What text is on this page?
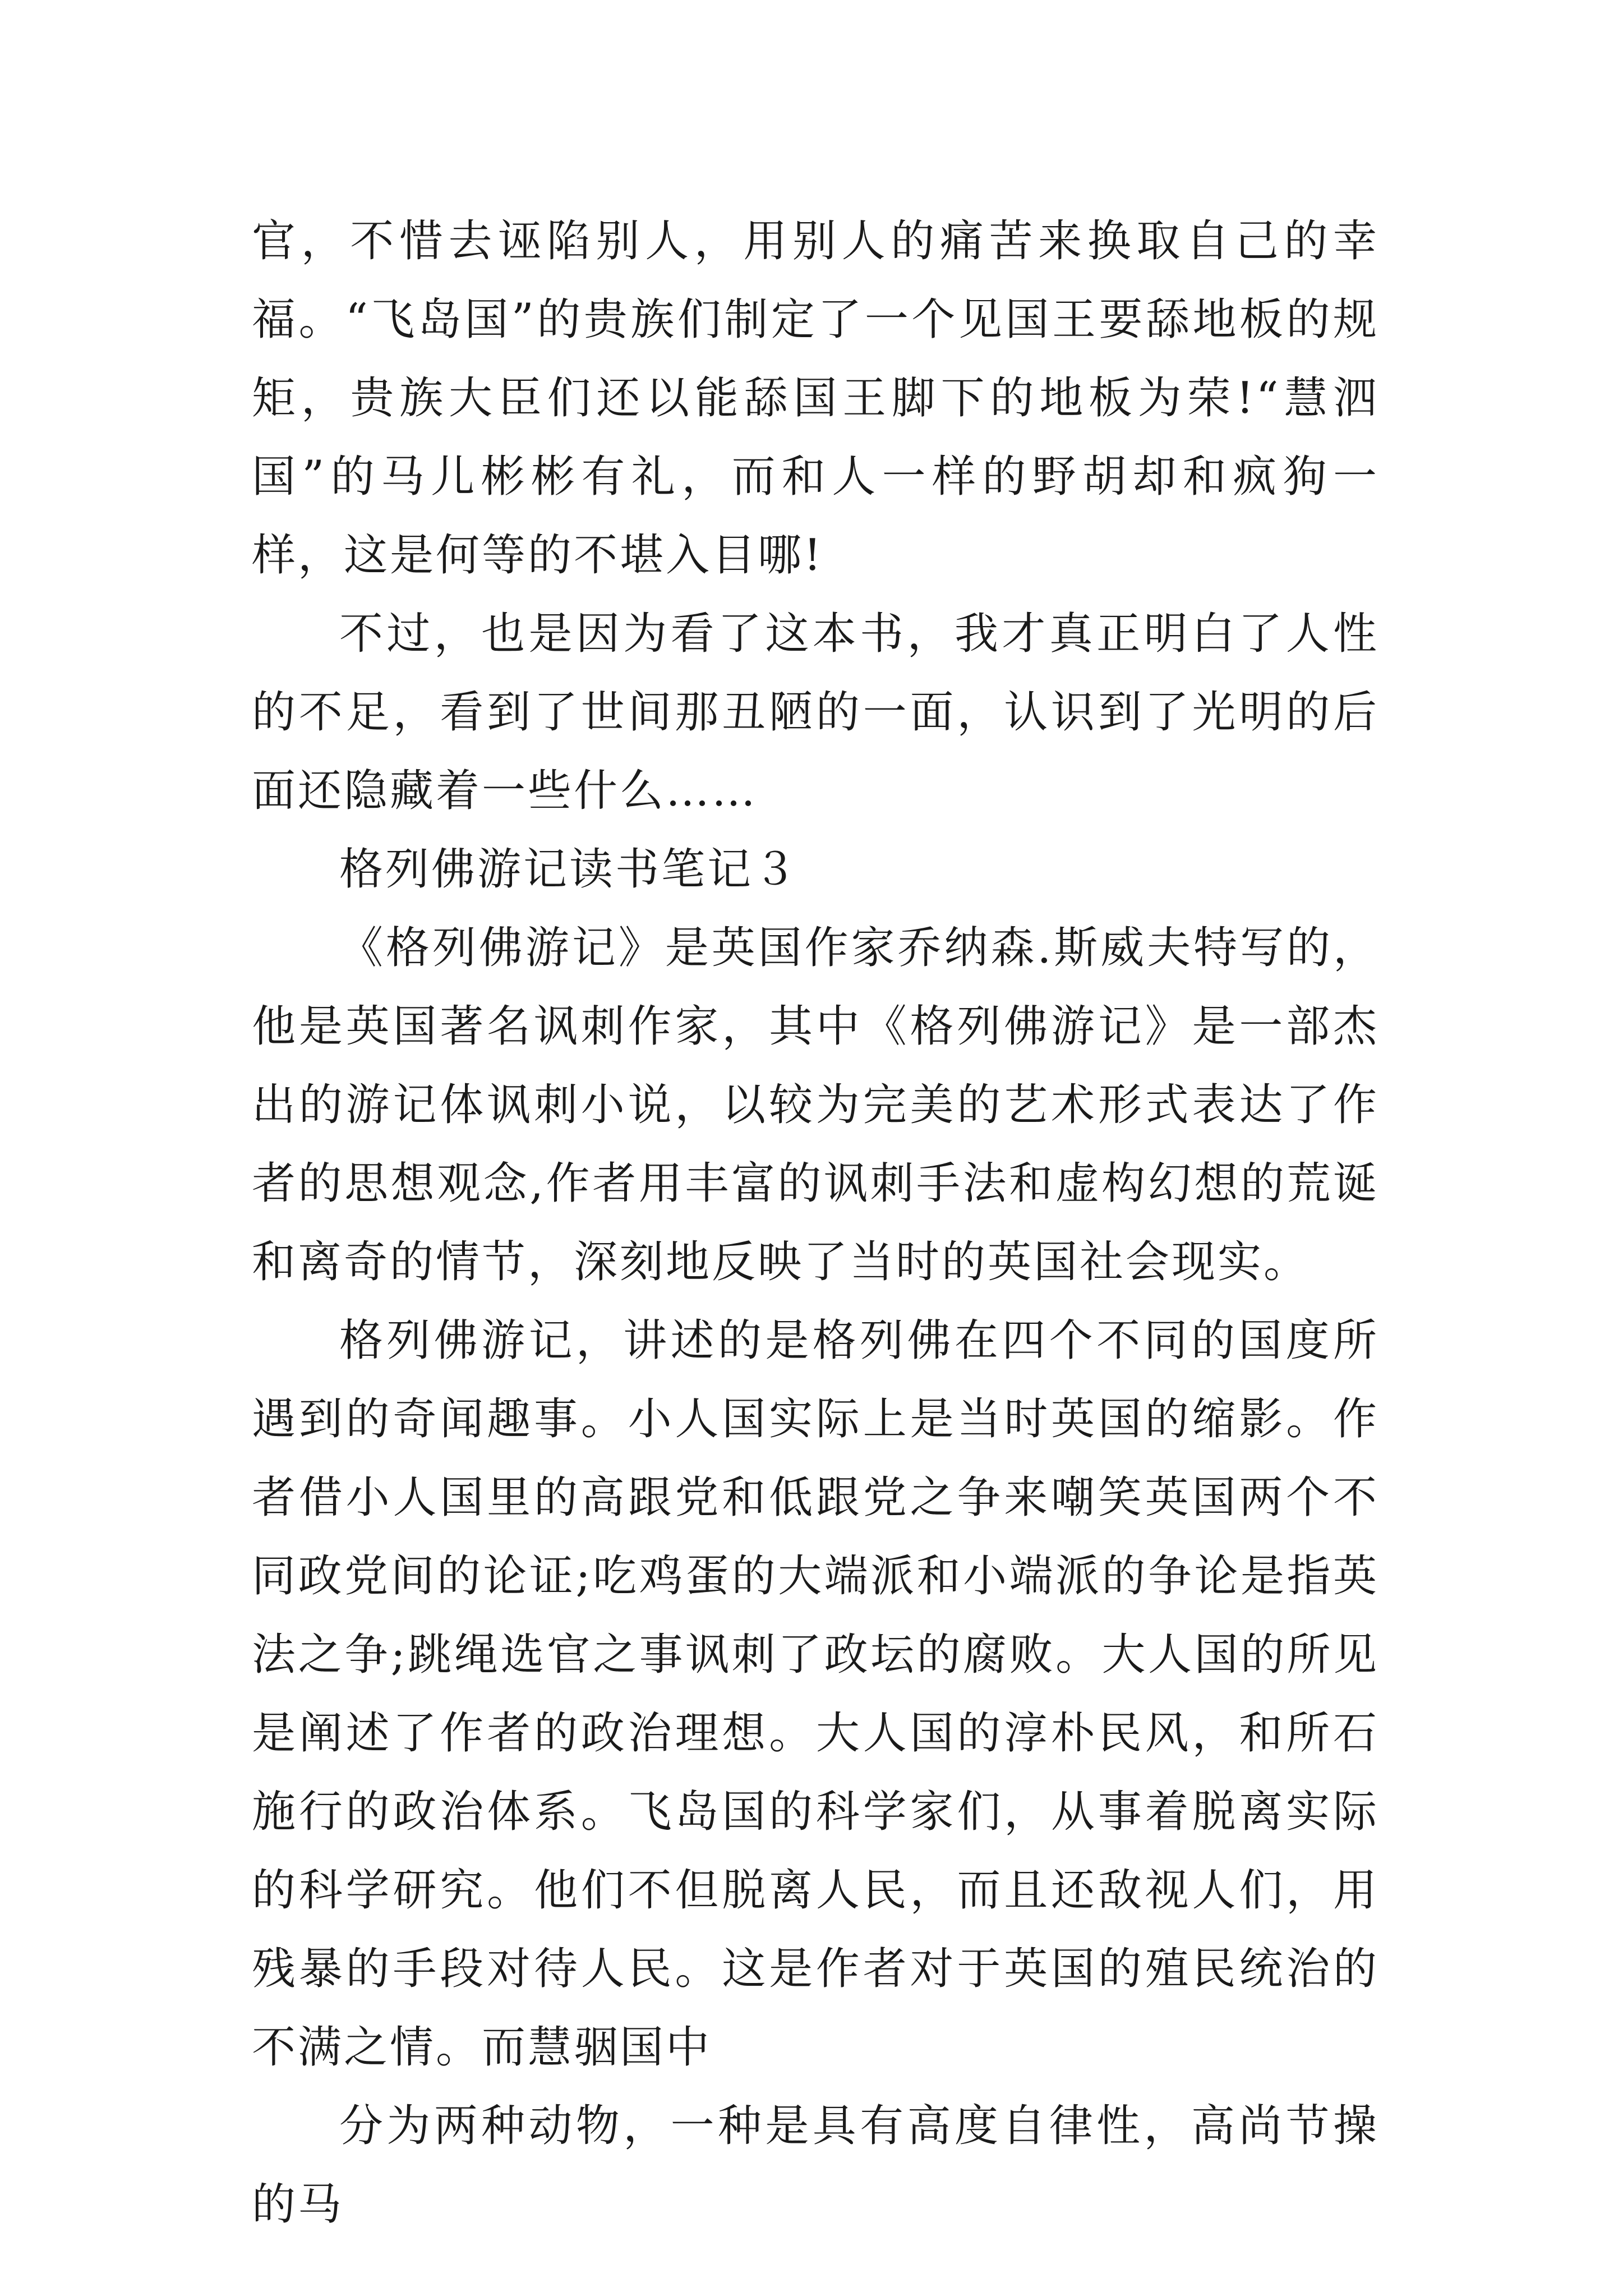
官，不惜去诬陷别人，用别人的痛苦来换取自己的幸福。“飞岛国”的贵族们制定了一个见国王要舔地板的规矩，贵族大臣们还以能舔国王脚下的地板为荣!“慧泗国”的马儿彬彬有礼，而和人一样的野胡却和疯狗一样，这是何等的不堪入目哪!

不过，也是因为看了这本书，我才真正明白了人性的不足，看到了世间那丑陋的一面，认识到了光明的后面还隐藏着一些什么……

格列佛游记读书笔记３

《格列佛游记》是英国作家乔纳森.斯威夫特写的，他是英国著名讽刺作家，其中《格列佛游记》是一部杰出的游记体讽刺小说，以较为完美的艺术形式表达了作者的思想观念,作者用丰富的讽刺手法和虚构幻想的荒诞和离奇的情节，深刻地反映了当时的英国社会现实。

格列佛游记，讲述的是格列佛在四个不同的国度所遇到的奇闻趣事。小人国实际上是当时英国的缩影。作者借小人国里的高跟党和低跟党之争来嘲笑英国两个不同政党间的论证;吃鸡蛋的大端派和小端派的争论是指英法之争;跳绳选官之事讽刺了政坛的腐败。大人国的所见是阐述了作者的政治理想。大人国的淳朴民风，和所石施行的政治体系。飞岛国的科学家们，从事着脱离实际的科学研究。他们不但脱离人民，而且还敌视人们，用残暴的手段对待人民。这是作者对于英国的殖民统治的不满之情。而慧骃国中

分为两种动物，一种是具有高度自律性，高尚节操的马
